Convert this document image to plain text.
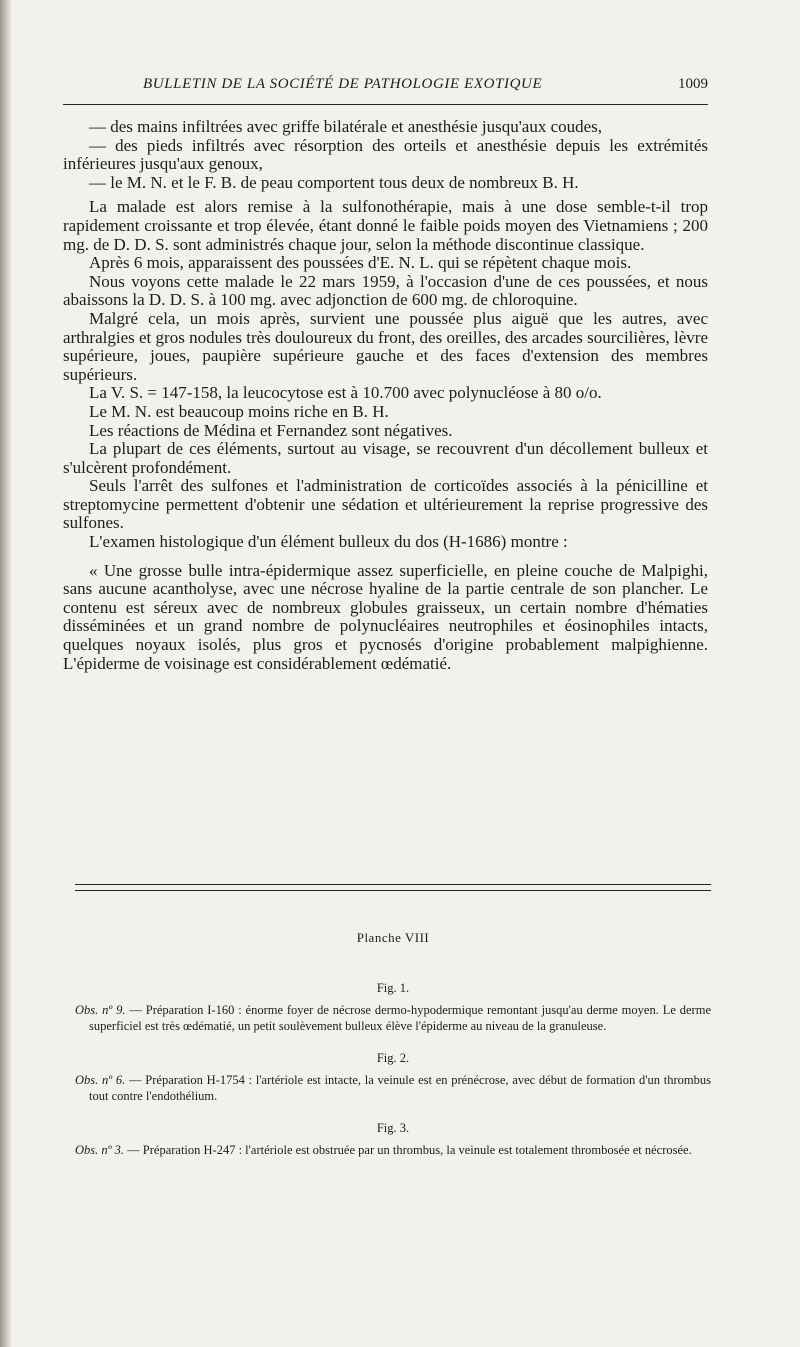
BULLETIN DE LA SOCIÉTÉ DE PATHOLOGIE EXOTIQUE	1009

— des mains infiltrées avec griffe bilatérale et anesthésie jusqu'aux coudes,

— des pieds infiltrés avec résorption des orteils et anesthésie depuis les extrémités inférieures jusqu'aux genoux,

— le M. N. et le F. B. de peau comportent tous deux de nombreux B. H.

La malade est alors remise à la sulfonothérapie, mais à une dose semble-t-il trop rapidement croissante et trop élevée, étant donné le faible poids moyen des Vietnamiens ; 200 mg. de D. D. S. sont administrés chaque jour, selon la méthode discontinue classique.

Après 6 mois, apparaissent des poussées d'E. N. L. qui se répètent chaque mois.

Nous voyons cette malade le 22 mars 1959, à l'occasion d'une de ces poussées, et nous abaissons la D. D. S. à 100 mg. avec adjonction de 600 mg. de chloroquine.

Malgré cela, un mois après, survient une poussée plus aiguë que les autres, avec arthralgies et gros nodules très douloureux du front, des oreilles, des arcades sourcilières, lèvre supérieure, joues, paupière supérieure gauche et des faces d'extension des membres supérieurs.

La V. S. = 147-158, la leucocytose est à 10.700 avec polynucléose à 80 o/o.

Le M. N. est beaucoup moins riche en B. H.

Les réactions de Médina et Fernandez sont négatives.

La plupart de ces éléments, surtout au visage, se recouvrent d'un décollement bulleux et s'ulcèrent profondément.

Seuls l'arrêt des sulfones et l'administration de corticoïdes associés à la pénicilline et streptomycine permettent d'obtenir une sédation et ultérieurement la reprise progressive des sulfones.

L'examen histologique d'un élément bulleux du dos (H-1686) montre :

« Une grosse bulle intra-épidermique assez superficielle, en pleine couche de Malpighi, sans aucune acantholyse, avec une nécrose hyaline de la partie centrale de son plancher. Le contenu est séreux avec de nombreux globules graisseux, un certain nombre d'hématies disséminées et un grand nombre de polynucléaires neutrophiles et éosinophiles intacts, quelques noyaux isolés, plus gros et pycnosés d'origine probablement malpighienne. L'épiderme de voisinage est considérablement œdématié.

Planche VIII

Fig. 1.

Obs. nº 9. — Préparation I-160 : énorme foyer de nécrose dermo-hypodermique remontant jusqu'au derme moyen. Le derme superficiel est très œdématié, un petit soulèvement bulleux élève l'épiderme au niveau de la granuleuse.

Fig. 2.

Obs. nº 6. — Préparation H-1754 : l'artériole est intacte, la veinule est en prénécrose, avec début de formation d'un thrombus tout contre l'endothélium.

Fig. 3.

Obs. nº 3. — Préparation H-247 : l'artériole est obstruée par un thrombus, la veinule est totalement thrombosée et nécrosée.
